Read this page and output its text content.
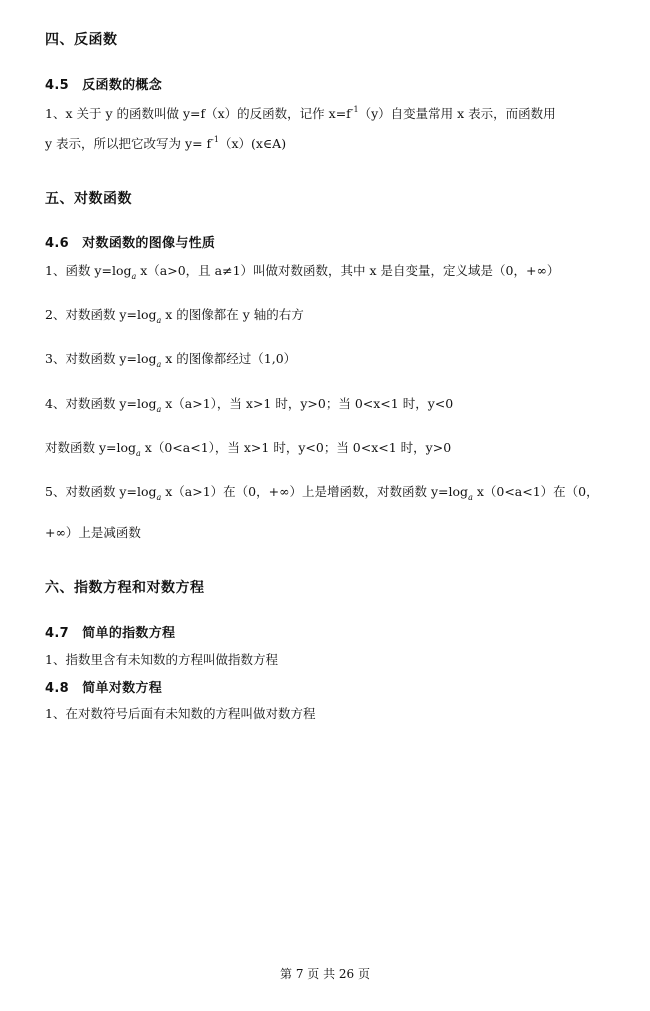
四、反函数
4.5　反函数的概念

1、x 关于 y 的函数叫做 y=f（x）的反函数，记作 $x=f^{-1}(y)$自变量常用 x 表示，而函数用

y 表示，所以把它改写为 $y= f^{-1}(x)(x\in A)$

五、对数函数
4.6　对数函数的图像与性质

1、函数 $y=\log_a$ x（a>0，且 a≠1）叫做对数函数，其中 x 是自变量，定义域是（0，+∞）

2、对数函数 $y=\log_a$ x 的图像都在 y 轴的右方

3、对数函数 $y=\log_a$ x 的图像都经过（1,0）

4、对数函数 $y=\log_a$ x（a>1），当 x>1 时，y>0；当 0<x<1 时，y<0

对数函数 $y=\log_a$ x（0<a<1），当 x>1 时，y<0；当 0<x<1 时，y>0

5、对数函数 $y=\log_a$ x（a>1）在（0，+∞）上是增函数，对数函数 $y=\log_a$ x（0<a<1）在（0，

+∞）上是减函数

六、指数方程和对数方程
4.7　简单的指数方程

1、指数里含有未知数的方程叫做指数方程

4.8　简单对数方程

1、在对数符号后面有未知数的方程叫做对数方程

第 7 页 共 26 页
